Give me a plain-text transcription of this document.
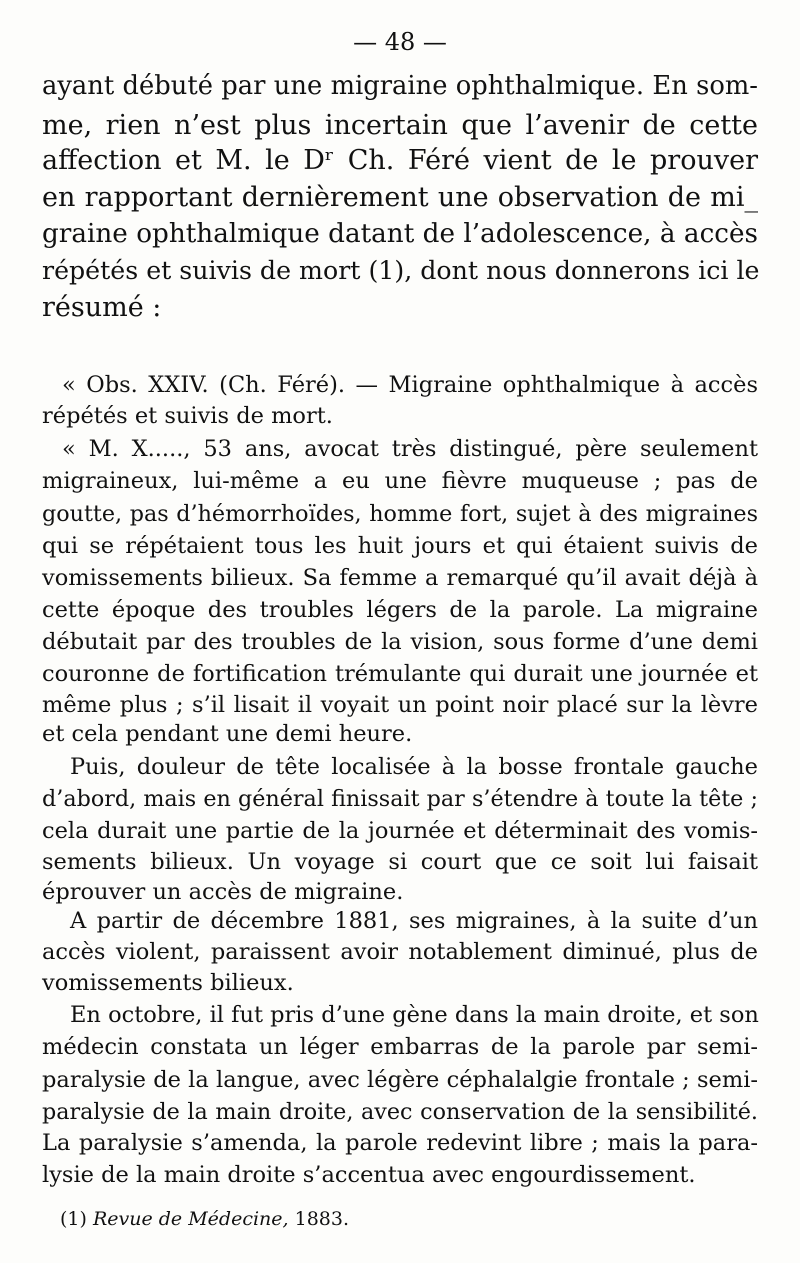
— 48 —
ayant débuté par une migraine ophthalmique. En som-
me, rien n’est plus incertain que l’avenir de cette
affection et M. le Dʳ Ch. Féré vient de le prouver
en rapportant dernièrement une observation de mi_
graine ophthalmique datant de l’adolescence, à accès
répétés et suivis de mort (1), dont nous donnerons ici le
résumé :
« Obs. XXIV. (Ch. Féré). — Migraine ophthalmique à accès
répétés et suivis de mort.
« M. X....., 53 ans, avocat très distingué, père seulement
migraineux, lui-même a eu une fièvre muqueuse ; pas de
goutte, pas d’hémorrhoïdes, homme fort, sujet à des migraines
qui se répétaient tous les huit jours et qui étaient suivis de
vomissements bilieux. Sa femme a remarqué qu’il avait déjà à
cette époque des troubles légers de la parole. La migraine
débutait par des troubles de la vision, sous forme d’une demi
couronne de fortification trémulante qui durait une journée et
même plus ; s’il lisait il voyait un point noir placé sur la lèvre
et cela pendant une demi heure.
Puis, douleur de tête localisée à la bosse frontale gauche
d’abord, mais en général finissait par s’étendre à toute la tête ;
cela durait une partie de la journée et déterminait des vomis-
sements bilieux. Un voyage si court que ce soit lui faisait
éprouver un accès de migraine.
A partir de décembre 1881, ses migraines, à la suite d’un
accès violent, paraissent avoir notablement diminué, plus de
vomissements bilieux.
En octobre, il fut pris d’une gène dans la main droite, et son
médecin constata un léger embarras de la parole par semi-
paralysie de la langue, avec légère céphalalgie frontale ; semi-
paralysie de la main droite, avec conservation de la sensibilité.
La paralysie s’amenda, la parole redevint libre ; mais la para-
lysie de la main droite s’accentua avec engourdissement.
(1) Revue de Médecine, 1883.
